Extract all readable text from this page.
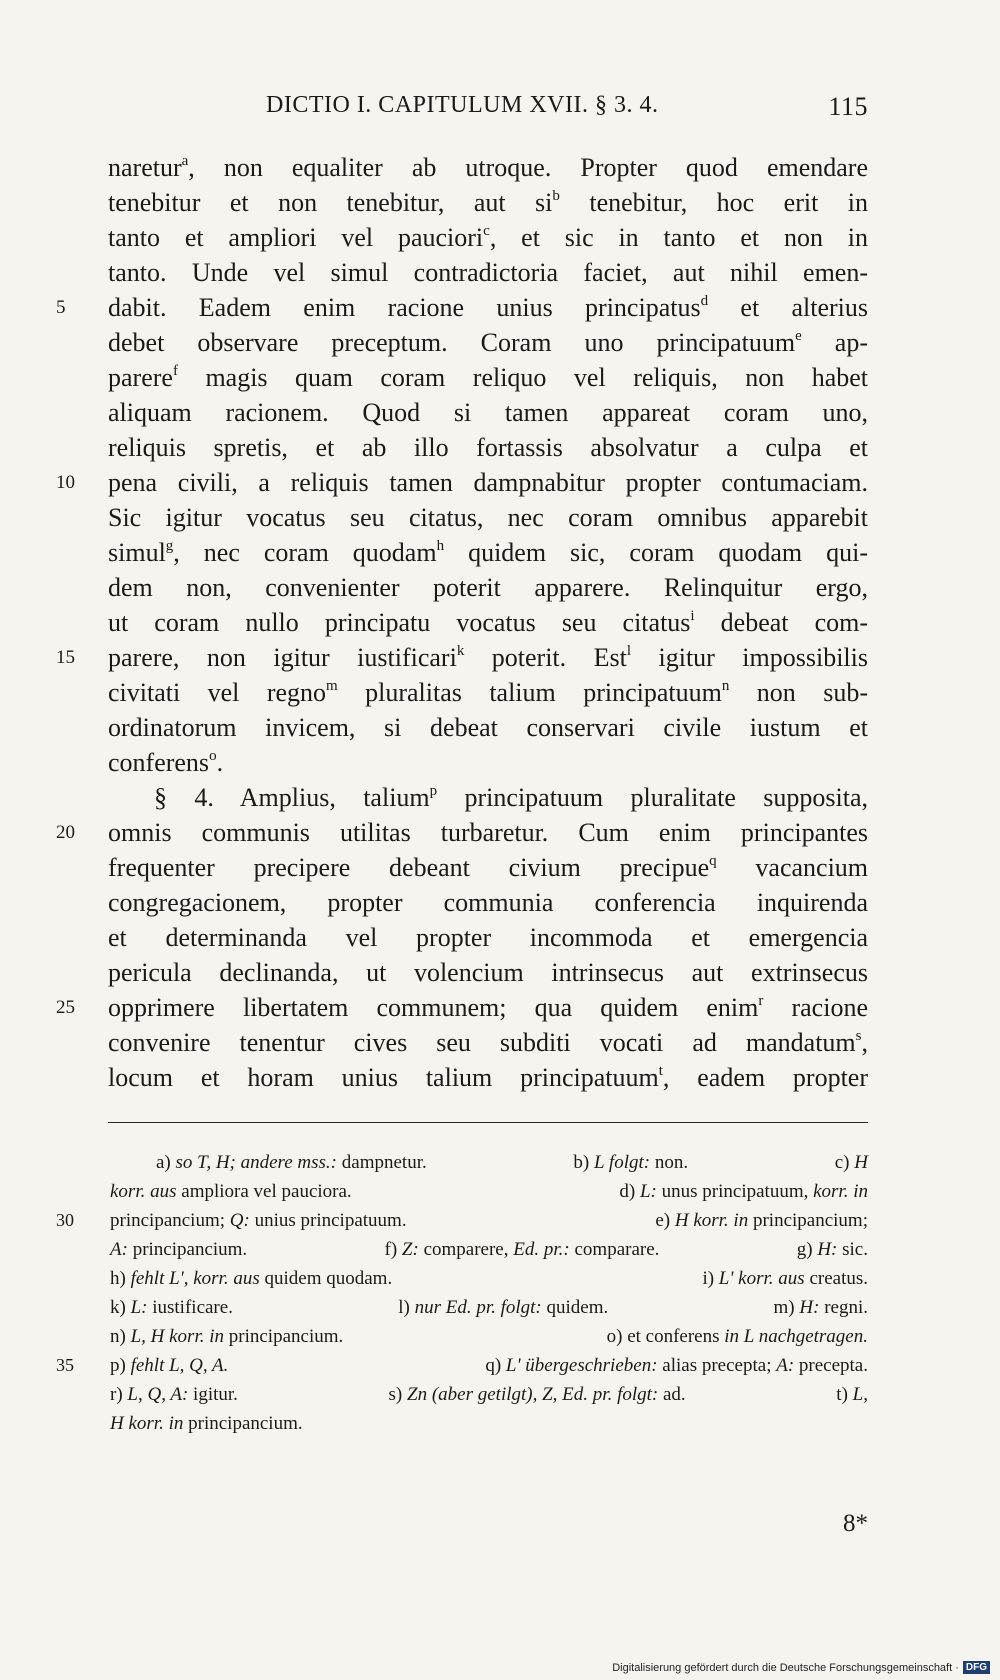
DICTIO I. CAPITULUM XVII. § 3. 4.	115
naretur$^a$, non equaliter ab utroque. Propter quod emendare
tenebitur et non tenebitur, aut $si^b$ tenebitur, hoc erit in
tanto et ampliori vel pauciori$^c$, et sic in tanto et non in
tanto. Unde vel simul contradictoria faciet, aut nihil emen-
5	dabit. Eadem enim racione unius principatus$^d$ et alterius
debet observare preceptum. Coram uno principatuum$^e$ ap-
parere$^f$ magis quam coram reliquo vel reliquis, non habet
aliquam racionem. Quod si tamen appareat coram uno,
reliquis spretis, et ab illo fortassis absolvatur a culpa et
10	pena civili, a reliquis tamen dampnabitur propter contumaciam.
Sic igitur vocatus seu citatus, nec coram omnibus apparebit
simul$^g$, nec coram quodam$^h$ quidem sic, coram quodam qui-
dem non, convenienter poterit apparere. Relinquitur ergo,
ut coram nullo principatu vocatus seu citatus$^i$ debeat com-
15	parere, non igitur iustificari$^k$ poterit. Est$^l$ igitur impossibilis
civitati vel regno$^m$ pluralitas talium principatuum$^n$ non sub-
ordinatorum invicem, si debeat conservari civile iustum et
conferens$^o$.
§ 4. Amplius, talium$^p$ principatuum pluralitate supposita,
20	omnis communis utilitas turbaretur. Cum enim principantes
frequenter precipere debeant civium precipue$^q$ vacancium
congregacionem, propter communia conferencia inquirenda
et determinanda vel propter incommoda et emergencia
pericula declinanda, ut volencium intrinsecus aut extrinsecus
25	opprimere libertatem communem; qua quidem enim$^r$ racione
convenire tenentur cives seu subditi vocati ad mandatum$^s$,
locum et horam unius talium principatuum$^t$, eadem propter
a) so T, H; andere mss.: dampnetur.	b) L folgt: non.	c) H
korr. aus ampliora vel pauciora.	d) L: unus principatuum, korr. in
30	principancium; Q: unius principatuum.	e) H korr. in principancium;
A: principancium.	f) Z: comparere, Ed. pr.: comparare.	g) H: sic.
h) fehlt L', korr. aus quidem quodam.	i) L' korr. aus creatus.
k) L: iustificare.	l) nur Ed. pr. folgt: quidem.	m) H: regni.
n) L, H korr. in principancium.	o) et conferens in L nachgetragen.
35	p) fehlt L, Q, A.	q) L' übergeschrieben: alias precepta; A: precepta.
r) L, Q, A: igitur.	s) Zn (aber getilgt), Z, Ed. pr. folgt: ad.	t) L,
H korr. in principancium.
8*
Digitalisierung gefördert durch die Deutsche Forschungsgemeinschaft · DFG
